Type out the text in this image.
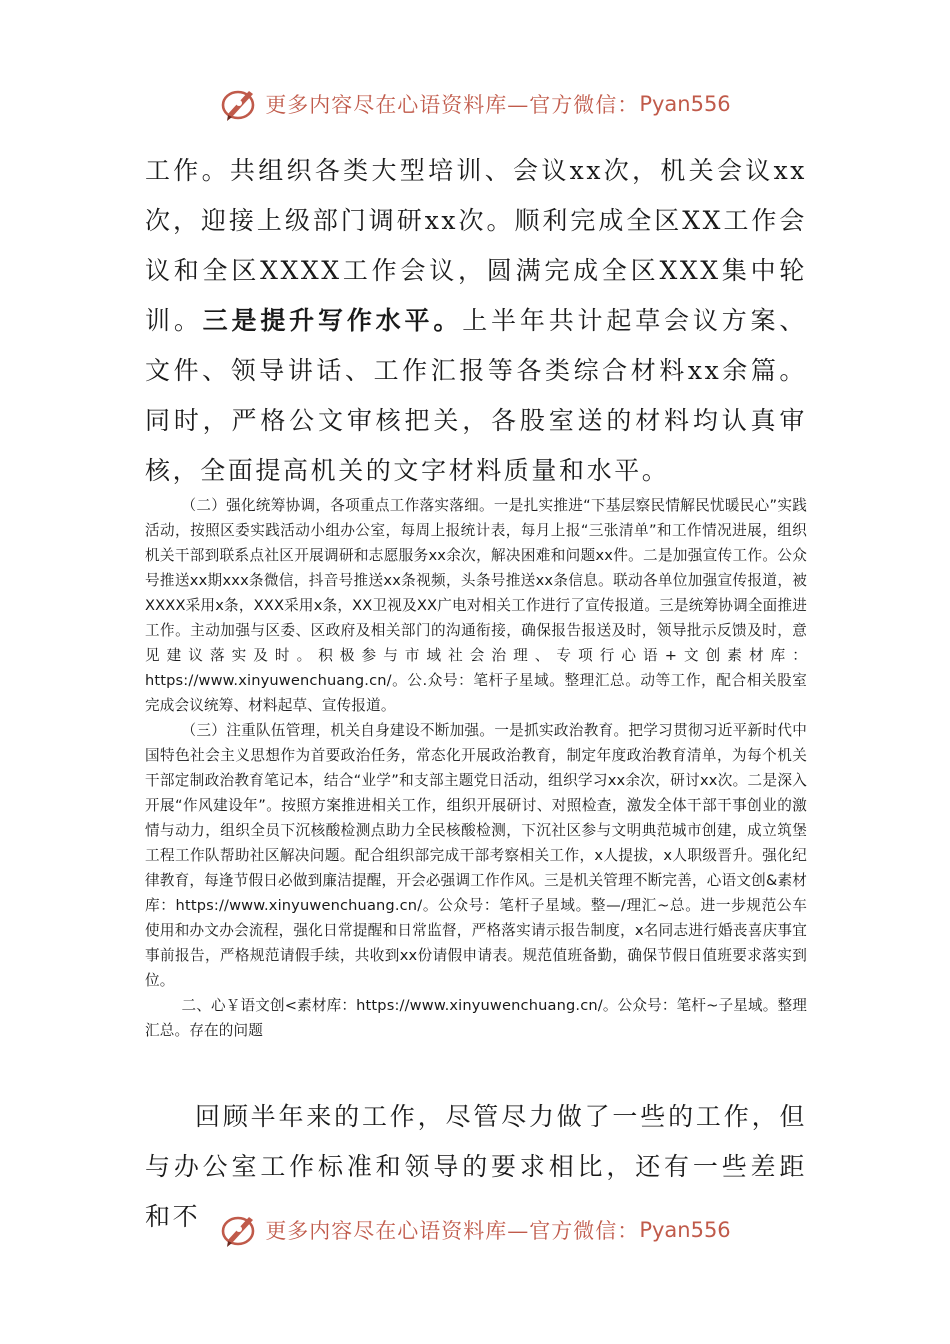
更多内容尽在心语资料库—官方微信： Pyan556

工作。共组织各类大型培训、会议xx次，机关会议xx次，迎接上级部门调研xx次。顺利完成全区XX工作会议和全区XXXX工作会议，圆满完成全区XXX集中轮训。三是提升写作水平。上半年共计起草会议方案、文件、领导讲话、工作汇报等各类综合材料xx余篇。同时，严格公文审核把关，各股室送的材料均认真审核，全面提高机关的文字材料质量和水平。

（二）强化统筹协调，各项重点工作落实落细。一是扎实推进“下基层察民情解民忧暖民心”实践活动，按照区委实践活动小组办公室，每周上报统计表，每月上报“三张清单”和工作情况进展，组织机关干部到联系点社区开展调研和志愿服务xx余次，解决困难和问题xx件。二是加强宣传工作。公众号推送xx期xxx条微信，抖音号推送xx条视频，头条号推送xx条信息。联动各单位加强宣传报道，被XXXX采用x条，XXX采用x条，XX卫视及XX广电对相关工作进行了宣传报道。三是统筹协调全面推进工作。主动加强与区委、区政府及相关部门的沟通衔接，确保报告报送及时，领导批示反馈及时，意见建议落实及时。积极参与市域社会治理、专项行心语+文创素材库：https://www.xinyuwenchuang.cn/。公.众号：笔杆子星域。整理汇总。动等工作，配合相关股室完成会议统筹、材料起草、宣传报道。

（三）注重队伍管理，机关自身建设不断加强。一是抓实政治教育。把学习贯彻习近平新时代中国特色社会主义思想作为首要政治任务，常态化开展政治教育，制定年度政治教育清单，为每个机关干部定制政治教育笔记本，结合“业学”和支部主题党日活动，组织学习xx余次，研讨xx次。二是深入开展“作风建设年”。按照方案推进相关工作，组织开展研讨、对照检查，激发全体干部干事创业的激情与动力，组织全员下沉核酸检测点助力全民核酸检测，下沉社区参与文明典范城市创建，成立筑堡工程工作队帮助社区解决问题。配合组织部完成干部考察相关工作，x人提拔，x人职级晋升。强化纪律教育，每逢节假日必做到廉洁提醒，开会必强调工作作风。三是机关管理不断完善，心语文创&素材库：https://www.xinyuwenchuang.cn/。公众号：笔杆子星域。整—/理汇~总。进一步规范公车使用和办文办会流程，强化日常提醒和日常监督，严格落实请示报告制度，x名同志进行婚丧喜庆事宜事前报告，严格规范请假手续，共收到xx份请假申请表。规范值班备勤，确保节假日值班要求落实到位。

二、心￥语文创<素材库：https://www.xinyuwenchuang.cn/。公众号：笔杆~子星域。整理汇总。存在的问题

回顾半年来的工作，尽管尽力做了一些的工作，但与办公室工作标准和领导的要求相比，还有一些差距和不	更多内容尽在心语资料库—官方微信： Pyan556
